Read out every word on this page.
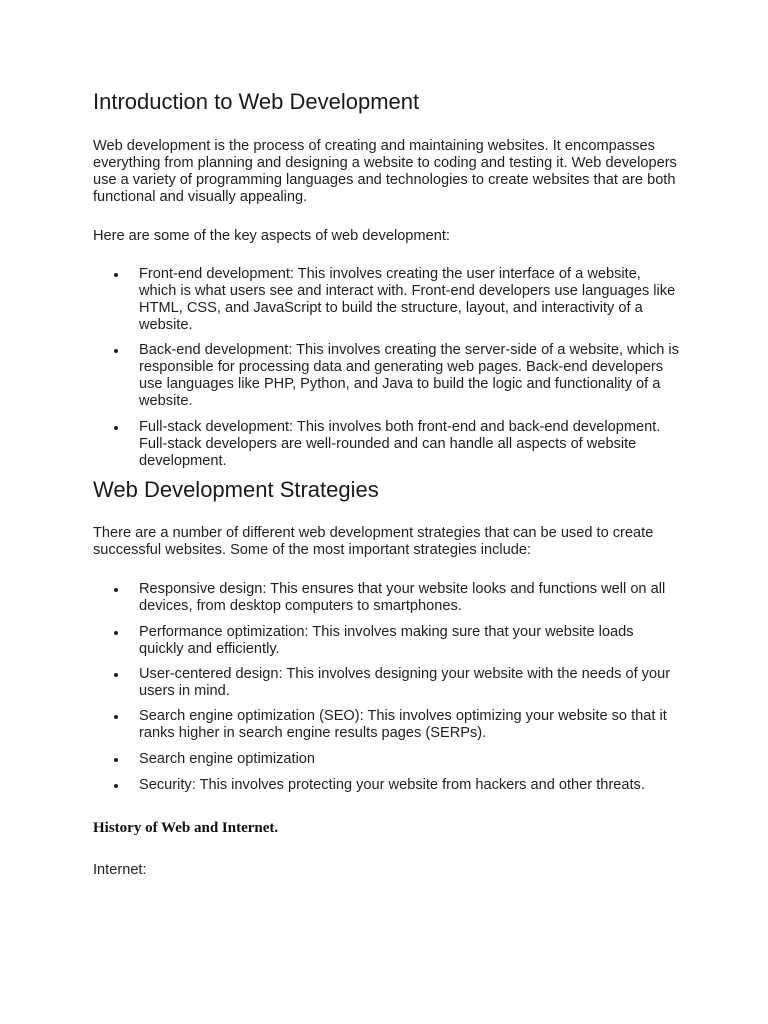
Introduction to Web Development

Web development is the process of creating and maintaining websites. It encompasses everything from planning and designing a website to coding and testing it. Web developers use a variety of programming languages and technologies to create websites that are both functional and visually appealing.

Here are some of the key aspects of web development:

Front-end development: This involves creating the user interface of a website, which is what users see and interact with. Front-end developers use languages like HTML, CSS, and JavaScript to build the structure, layout, and interactivity of a website.
Back-end development: This involves creating the server-side of a website, which is responsible for processing data and generating web pages. Back-end developers use languages like PHP, Python, and Java to build the logic and functionality of a website.
Full-stack development: This involves both front-end and back-end development. Full-stack developers are well-rounded and can handle all aspects of website development.
Web Development Strategies

There are a number of different web development strategies that can be used to create successful websites. Some of the most important strategies include:

Responsive design: This ensures that your website looks and functions well on all devices, from desktop computers to smartphones.
Performance optimization: This involves making sure that your website loads quickly and efficiently.
User-centered design: This involves designing your website with the needs of your users in mind.
Search engine optimization (SEO): This involves optimizing your website so that it ranks higher in search engine results pages (SERPs).
Search engine optimization
Security: This involves protecting your website from hackers and other threats.
History of Web and Internet.

Internet:
